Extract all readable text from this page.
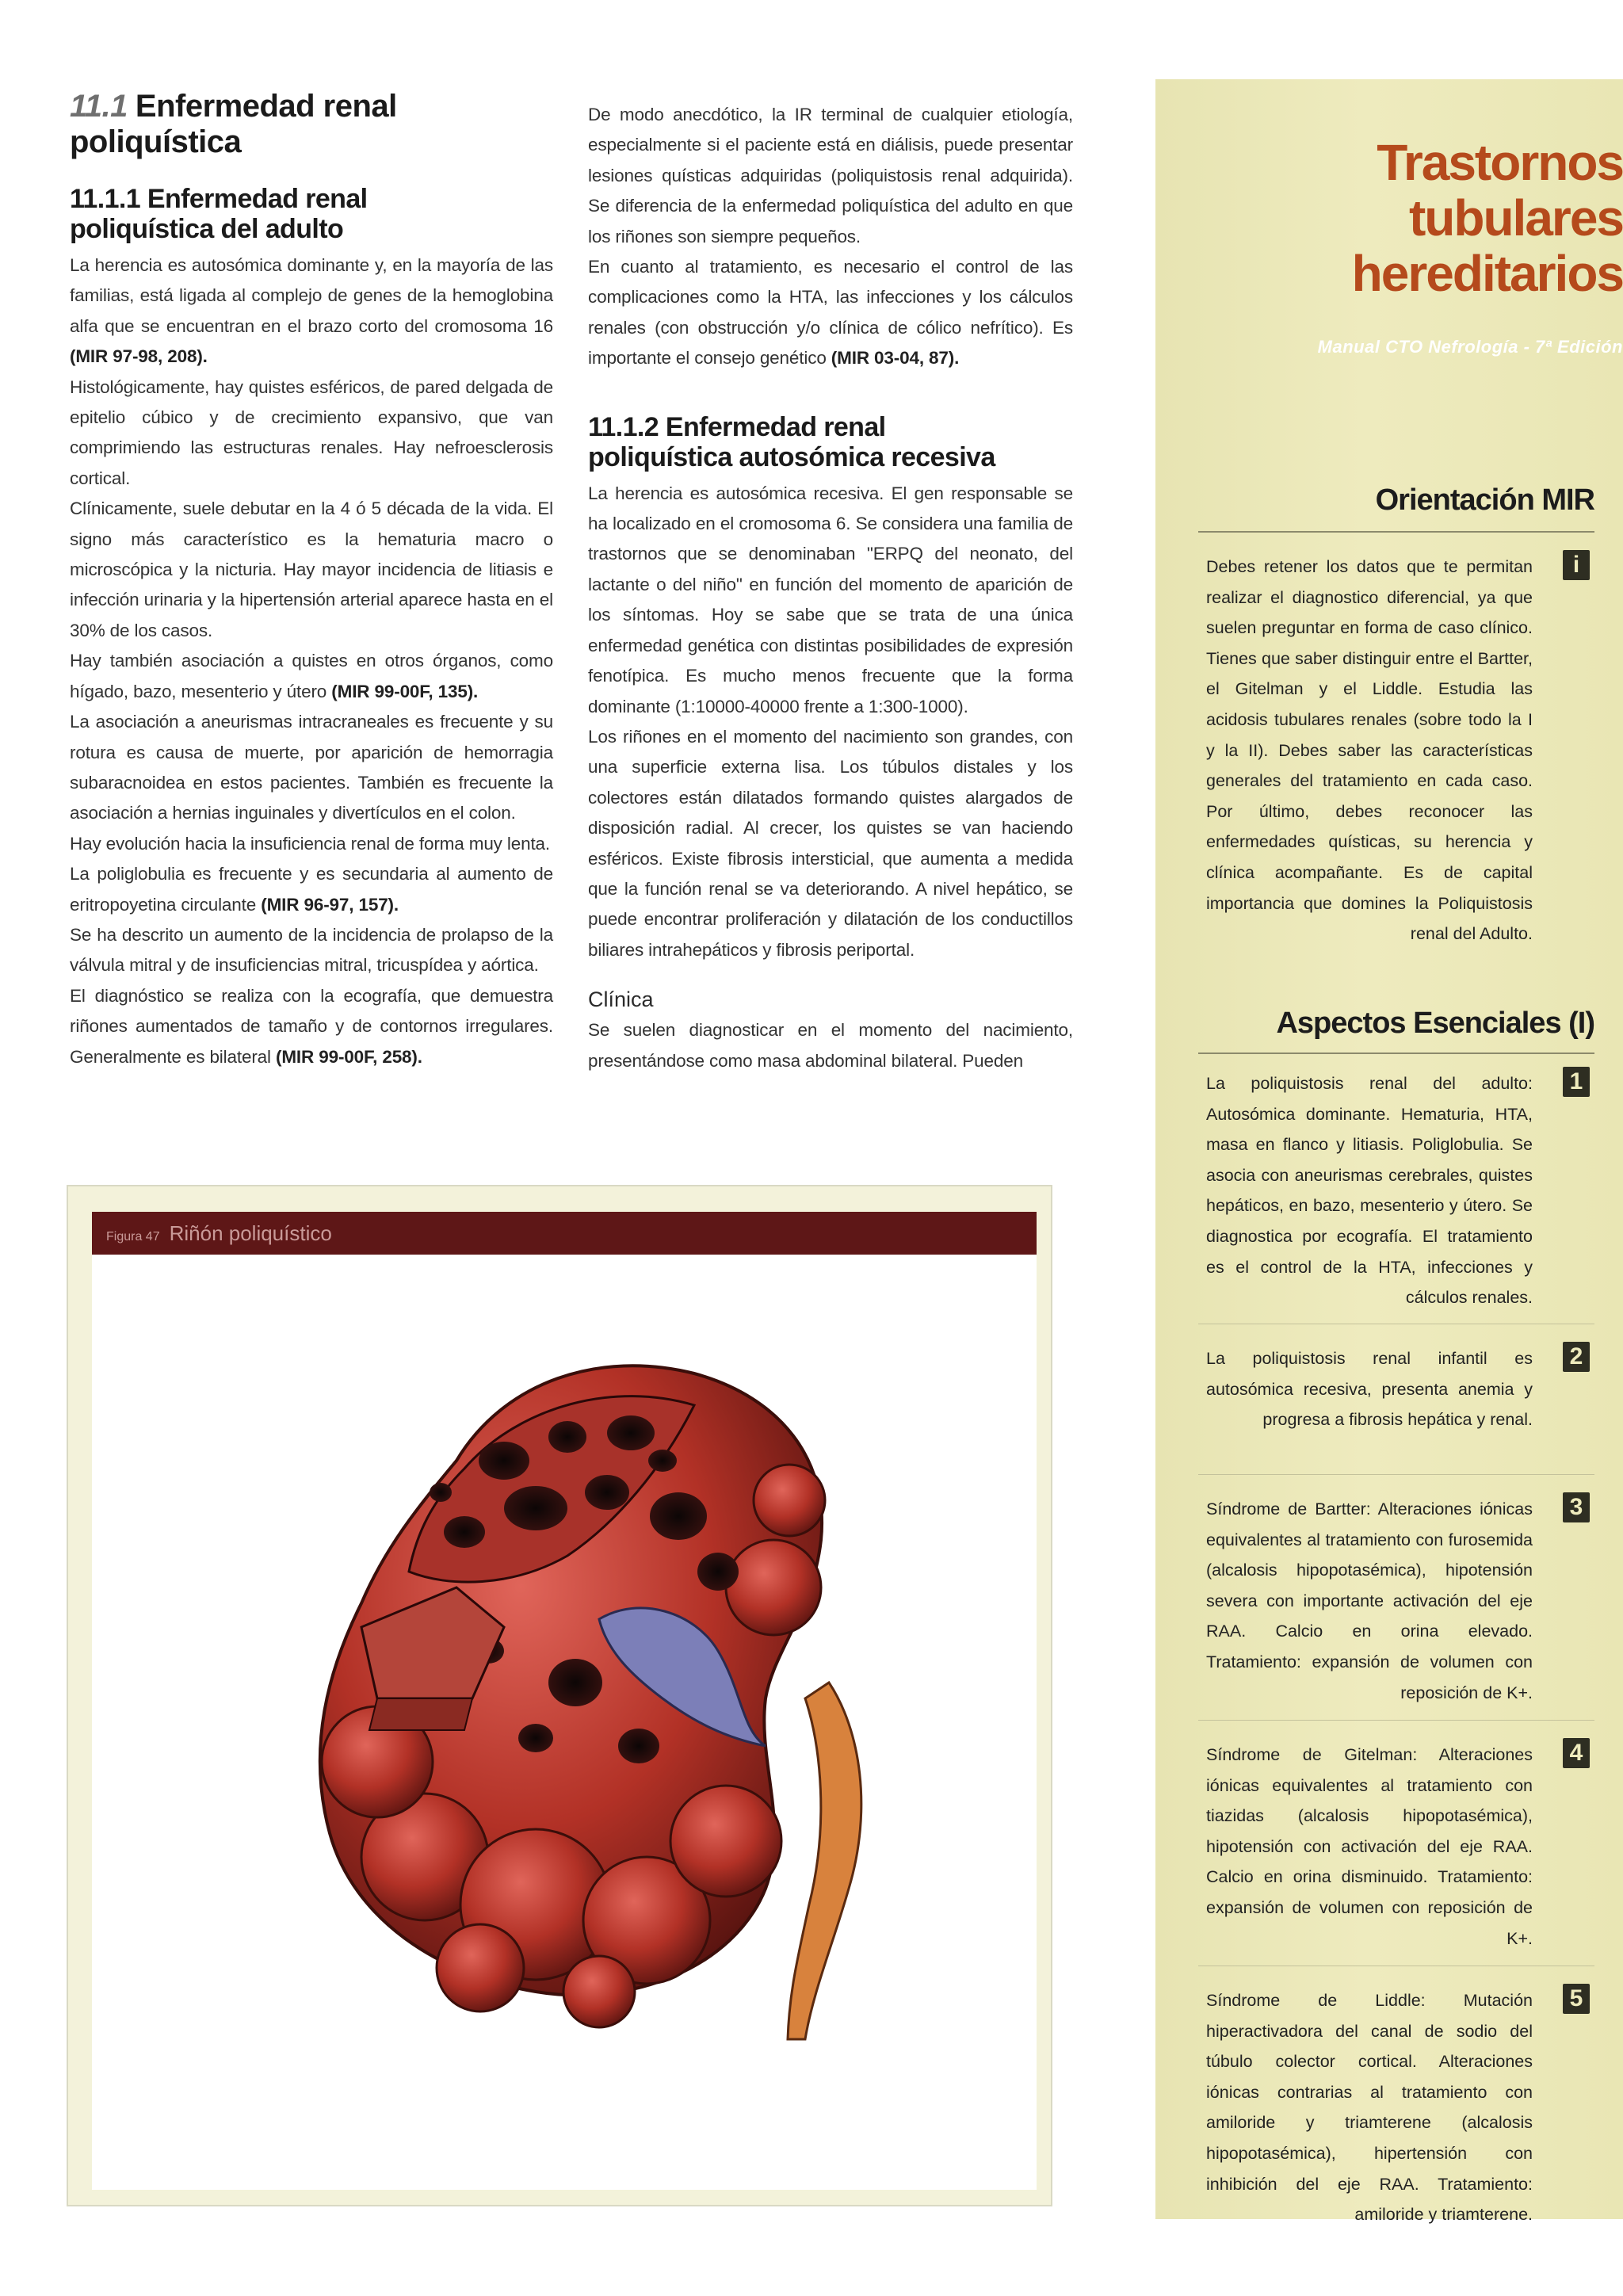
11.1 Enfermedad renal poliquística
11.1.1 Enfermedad renal
poliquística del adulto

La herencia es autosómica dominante y, en la mayoría de las familias, está ligada al complejo de genes de la hemoglobina alfa que se encuentran en el brazo corto del cromosoma 16 (MIR 97-98, 208).

Histológicamente, hay quistes esféricos, de pared delgada de epitelio cúbico y de crecimiento expansivo, que van comprimiendo las estructuras renales. Hay nefroesclerosis cortical.

Clínicamente, suele debutar en la 4 ó 5 década de la vida. El signo más característico es la hematuria macro o microscópica y la nicturia. Hay mayor incidencia de litiasis e infección urinaria y la hipertensión arterial aparece hasta en el 30% de los casos.

Hay también asociación a quistes en otros órganos, como hígado, bazo, mesenterio y útero (MIR 99-00F, 135).

La asociación a aneurismas intracraneales es frecuente y su rotura es causa de muerte, por aparición de hemorragia subaracnoidea en estos pacientes. También es frecuente la asociación a hernias inguinales y divertículos en el colon.

Hay evolución hacia la insuficiencia renal de forma muy lenta.

La poliglobulia es frecuente y es secundaria al aumento de eritropoyetina circulante (MIR 96-97, 157).

Se ha descrito un aumento de la incidencia de prolapso de la válvula mitral y de insuficiencias mitral, tricuspídea y aórtica.

El diagnóstico se realiza con la ecografía, que demuestra riñones aumentados de tamaño y de contornos irregulares. Generalmente es bilateral (MIR 99-00F, 258).

De modo anecdótico, la IR terminal de cualquier etiología, especialmente si el paciente está en diálisis, puede presentar lesiones quísticas adquiridas (poliquistosis renal adquirida). Se diferencia de la enfermedad poliquística del adulto en que los riñones son siempre pequeños.

En cuanto al tratamiento, es necesario el control de las complicaciones como la HTA, las infecciones y los cálculos renales (con obstrucción y/o clínica de cólico nefrítico). Es importante el consejo genético (MIR 03-04, 87).

11.1.2 Enfermedad renal
poliquística autosómica recesiva

La herencia es autosómica recesiva. El gen responsable se ha localizado en el cromosoma 6. Se considera una familia de trastornos que se denominaban "ERPQ del neonato, del lactante o del niño" en función del momento de aparición de los síntomas. Hoy se sabe que se trata de una única enfermedad genética con distintas posibilidades de expresión fenotípica. Es mucho menos frecuente que la forma dominante (1:10000-40000 frente a 1:300-1000).

Los riñones en el momento del nacimiento son grandes, con una superficie externa lisa. Los túbulos distales y los colectores están dilatados formando quistes alargados de disposición radial. Al crecer, los quistes se van haciendo esféricos. Existe fibrosis intersticial, que aumenta a medida que la función renal se va deteriorando. A nivel hepático, se puede encontrar proliferación y dilatación de los conductillos biliares intrahepáticos y fibrosis periportal.

Clínica

Se suelen diagnosticar en el momento del nacimiento, presentándose como masa abdominal bilateral. Pueden

Figura 47 Riñón poliquístico
Trastornos
tubulares
hereditarios
Manual CTO Nefrología - 7ª Edición
Orientación MIR
i
Debes retener los datos que te permitan realizar el diagnostico diferencial, ya que suelen preguntar en forma de caso clínico. Tienes que saber distinguir entre el Bartter, el Gitelman y el Liddle. Estudia las acidosis tubulares renales (sobre todo la I y la II). Debes saber las características generales del tratamiento en cada caso. Por último, debes reconocer las enfermedades quísticas, su herencia y clínica acompañante. Es de capital importancia que domines la Poliquistosis renal del Adulto.
Aspectos Esenciales (I)
1
La poliquistosis renal del adulto: Autosómica dominante. Hematuria, HTA, masa en flanco y litiasis. Poliglobulia. Se asocia con aneurismas cerebrales, quistes hepáticos, en bazo, mesenterio y útero. Se diagnostica por ecografía. El tratamiento es el control de la HTA, infecciones y cálculos renales.
2
La poliquistosis renal infantil es autosómica recesiva, presenta anemia y progresa a fibrosis hepática y renal.
3
Síndrome de Bartter: Alteraciones iónicas equivalentes al tratamiento con furosemida (alcalosis hipopotasémica), hipotensión severa con importante activación del eje RAA. Calcio en orina elevado. Tratamiento: expansión de volumen con reposición de K+.
4
Síndrome de Gitelman: Alteraciones iónicas equivalentes al tratamiento con tiazidas (alcalosis hipopotasémica), hipotensión con activación del eje RAA. Calcio en orina disminuido. Tratamiento: expansión de volumen con reposición de K+.
5
Síndrome de Liddle: Mutación hiperactivadora del canal de sodio del túbulo colector cortical. Alteraciones iónicas contrarias al tratamiento con amiloride y triamterene (alcalosis hipopotasémica), hipertensión con inhibición del eje RAA. Tratamiento: amiloride y triamterene.
